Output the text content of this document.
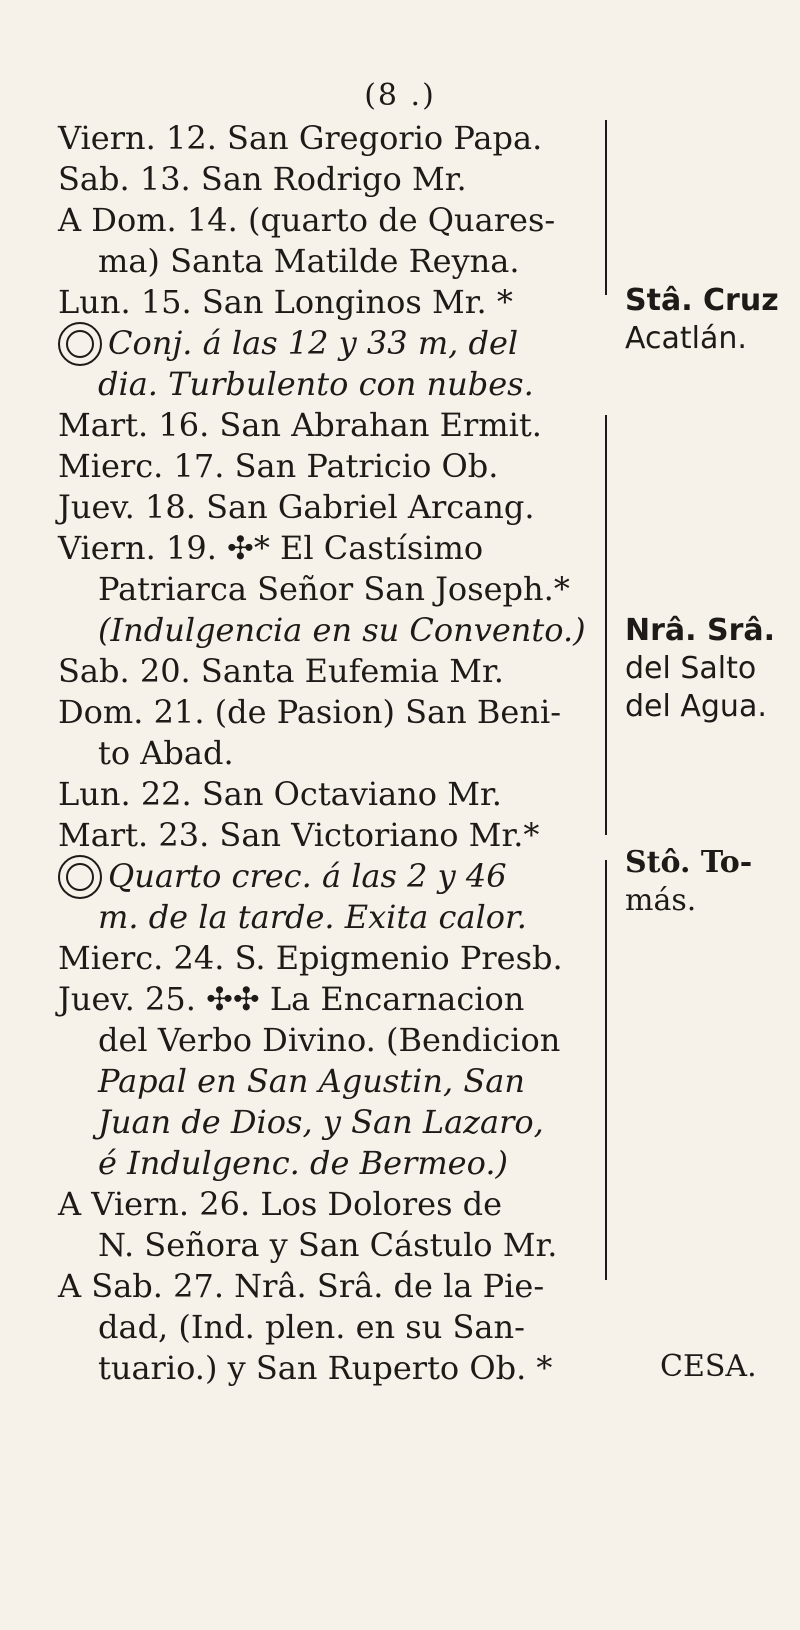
(8 .)
Viern. 12. San Gregorio Papa.
Sab. 13. San Rodrigo Mr.
A Dom. 14. (quarto de Quares-
ma) Santa Matilde Reyna.
Lun. 15. San Longinos Mr. *
Conj. á las 12 y 33 m, del
dia. Turbulento con nubes.
Mart. 16. San Abrahan Ermit.
Mierc. 17. San Patricio Ob.
Juev. 18. San Gabriel Arcang.
Viern. 19. ✣* El Castísimo
Patriarca Señor San Joseph.*
(Indulgencia en su Convento.)
Sab. 20. Santa Eufemia Mr.
Dom. 21. (de Pasion) San Beni-
to Abad.
Lun. 22. San Octaviano Mr.
Mart. 23. San Victoriano Mr.*
Quarto crec. á las 2 y 46
m. de la tarde. Exita calor.
Mierc. 24. S. Epigmenio Presb.
Juev. 25. ✣✣ La Encarnacion
del Verbo Divino. (Bendicion
Papal en San Agustin, San
Juan de Dios, y San Lazaro,
é Indulgenc. de Bermeo.)
A Viern. 26. Los Dolores de
N. Señora y San Cástulo Mr.
A Sab. 27. Nrâ. Srâ. de la Pie-
dad, (Ind. plen. en su San-
tuario.) y San Ruperto Ob. *
Stâ. Cruz
Acatlán.
Nrâ. Srâ.
del Salto
del Agua.
Stô. To-
más.
CESA.
